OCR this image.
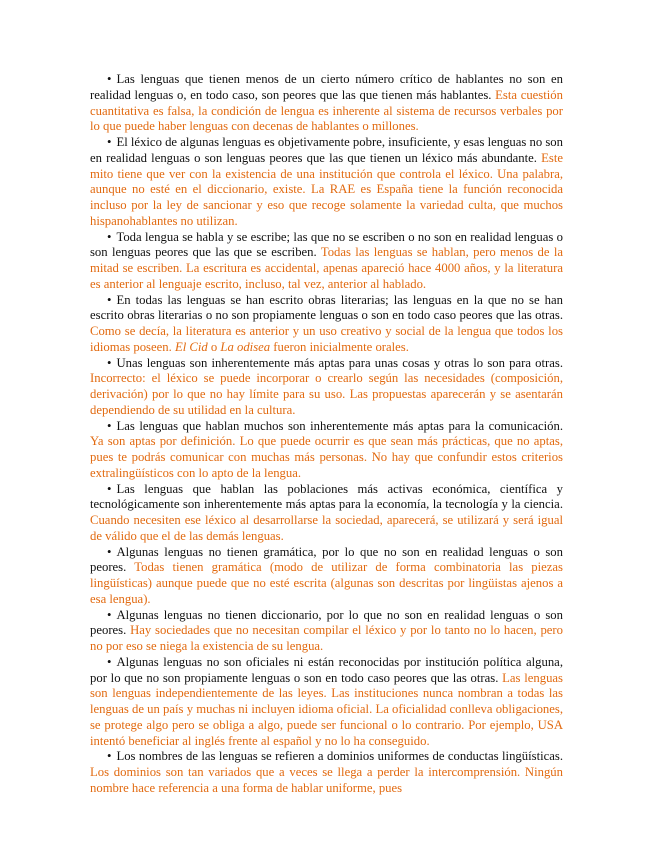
• Las lenguas que tienen menos de un cierto número crítico de hablantes no son en realidad lenguas o, en todo caso, son peores que las que tienen más hablantes. Esta cuestión cuantitativa es falsa, la condición de lengua es inherente al sistema de recursos verbales por lo que puede haber lenguas con decenas de hablantes o millones.

• El léxico de algunas lenguas es objetivamente pobre, insuficiente, y esas lenguas no son en realidad lenguas o son lenguas peores que las que tienen un léxico más abundante. Este mito tiene que ver con la existencia de una institución que controla el léxico. Una palabra, aunque no esté en el diccionario, existe. La RAE es España tiene la función reconocida incluso por la ley de sancionar y eso que recoge solamente la variedad culta, que muchos hispanohablantes no utilizan.

• Toda lengua se habla y se escribe; las que no se escriben o no son en realidad lenguas o son lenguas peores que las que se escriben. Todas las lenguas se hablan, pero menos de la mitad se escriben. La escritura es accidental, apenas apareció hace 4000 años, y la literatura es anterior al lenguaje escrito, incluso, tal vez, anterior al hablado.

• En todas las lenguas se han escrito obras literarias; las lenguas en la que no se han escrito obras literarias o no son propiamente lenguas o son en todo caso peores que las otras. Como se decía, la literatura es anterior y un uso creativo y social de la lengua que todos los idiomas poseen. El Cid o La odisea fueron inicialmente orales.

• Unas lenguas son inherentemente más aptas para unas cosas y otras lo son para otras. Incorrecto: el léxico se puede incorporar o crearlo según las necesidades (composición, derivación) por lo que no hay límite para su uso. Las propuestas aparecerán y se asentarán dependiendo de su utilidad en la cultura.

• Las lenguas que hablan muchos son inherentemente más aptas para la comunicación. Ya son aptas por definición. Lo que puede ocurrir es que sean más prácticas, que no aptas, pues te podrás comunicar con muchas más personas. No hay que confundir estos criterios extralingüísticos con lo apto de la lengua.

• Las lenguas que hablan las poblaciones más activas económica, científica y tecnológicamente son inherentemente más aptas para la economía, la tecnología y la ciencia. Cuando necesiten ese léxico al desarrollarse la sociedad, aparecerá, se utilizará y será igual de válido que el de las demás lenguas.

• Algunas lenguas no tienen gramática, por lo que no son en realidad lenguas o son peores. Todas tienen gramática (modo de utilizar de forma combinatoria las piezas lingüísticas) aunque puede que no esté escrita (algunas son descritas por lingüistas ajenos a esa lengua).

• Algunas lenguas no tienen diccionario, por lo que no son en realidad lenguas o son peores. Hay sociedades que no necesitan compilar el léxico y por lo tanto no lo hacen, pero no por eso se niega la existencia de su lengua.

• Algunas lenguas no son oficiales ni están reconocidas por institución política alguna, por lo que no son propiamente lenguas o son en todo caso peores que las otras. Las lenguas son lenguas independientemente de las leyes. Las instituciones nunca nombran a todas las lenguas de un país y muchas ni incluyen idioma oficial. La oficialidad conlleva obligaciones, se protege algo pero se obliga a algo, puede ser funcional o lo contrario. Por ejemplo, USA intentó beneficiar al inglés frente al español y no lo ha conseguido.

• Los nombres de las lenguas se refieren a dominios uniformes de conductas lingüísticas. Los dominios son tan variados que a veces se llega a perder la intercomprensión. Ningún nombre hace referencia a una forma de hablar uniforme, pues
